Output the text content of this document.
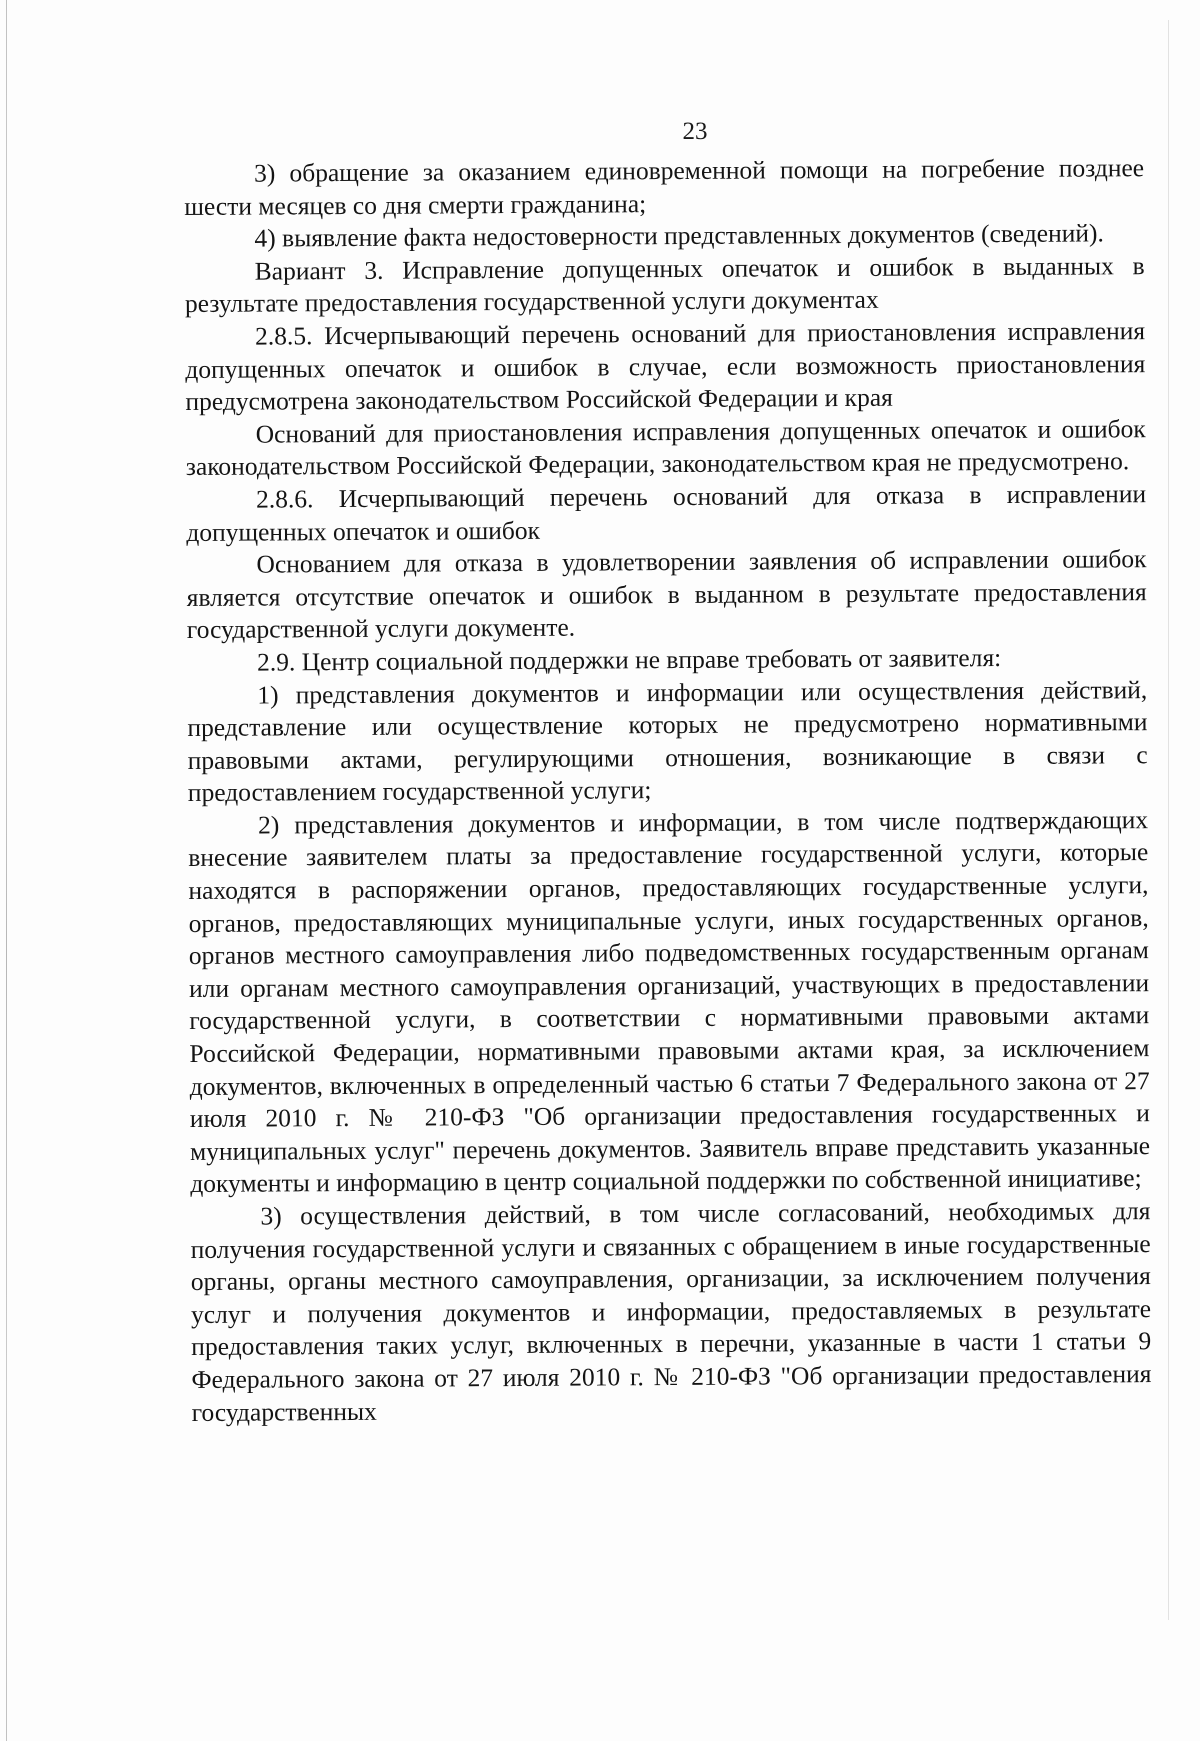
23

3) обращение за оказанием единовременной помощи на погребение позднее шести месяцев со дня смерти гражданина;

4) выявление факта недостоверности представленных документов (сведений).

Вариант 3. Исправление допущенных опечаток и ошибок в выданных в результате предоставления государственной услуги документах

2.8.5. Исчерпывающий перечень оснований для приостановления исправления допущенных опечаток и ошибок в случае, если возможность приостановления предусмотрена законодательством Российской Федерации и края

Оснований для приостановления исправления допущенных опечаток и ошибок законодательством Российской Федерации, законодательством края не предусмотрено.

2.8.6. Исчерпывающий перечень оснований для отказа в исправлении допущенных опечаток и ошибок

Основанием для отказа в удовлетворении заявления об исправлении ошибок является отсутствие опечаток и ошибок в выданном в результате предоставления государственной услуги документе.

2.9. Центр социальной поддержки не вправе требовать от заявителя:

1) представления документов и информации или осуществления действий, представление или осуществление которых не предусмотрено нормативными правовыми актами, регулирующими отношения, возникающие в связи с предоставлением государственной услуги;

2) представления документов и информации, в том числе подтверждающих внесение заявителем платы за предоставление государственной услуги, которые находятся в распоряжении органов, предоставляющих государственные услуги, органов, предоставляющих муниципальные услуги, иных государственных органов, органов местного самоуправления либо подведомственных государственным органам или органам местного самоуправления организаций, участвующих в предоставлении государственной услуги, в соответствии с нормативными правовыми актами Российской Федерации, нормативными правовыми актами края, за исключением документов, включенных в определенный частью 6 статьи 7 Федерального закона от 27 июля 2010 г. № 210-ФЗ "Об организации предоставления государственных и муниципальных услуг" перечень документов. Заявитель вправе представить указанные документы и информацию в центр социальной поддержки по собственной инициативе;

3) осуществления действий, в том числе согласований, необходимых для получения государственной услуги и связанных с обращением в иные государственные органы, органы местного самоуправления, организации, за исключением получения услуг и получения документов и информации, предоставляемых в результате предоставления таких услуг, включенных в перечни, указанные в части 1 статьи 9 Федерального закона от 27 июля 2010 г. № 210-ФЗ "Об организации предоставления государственных
